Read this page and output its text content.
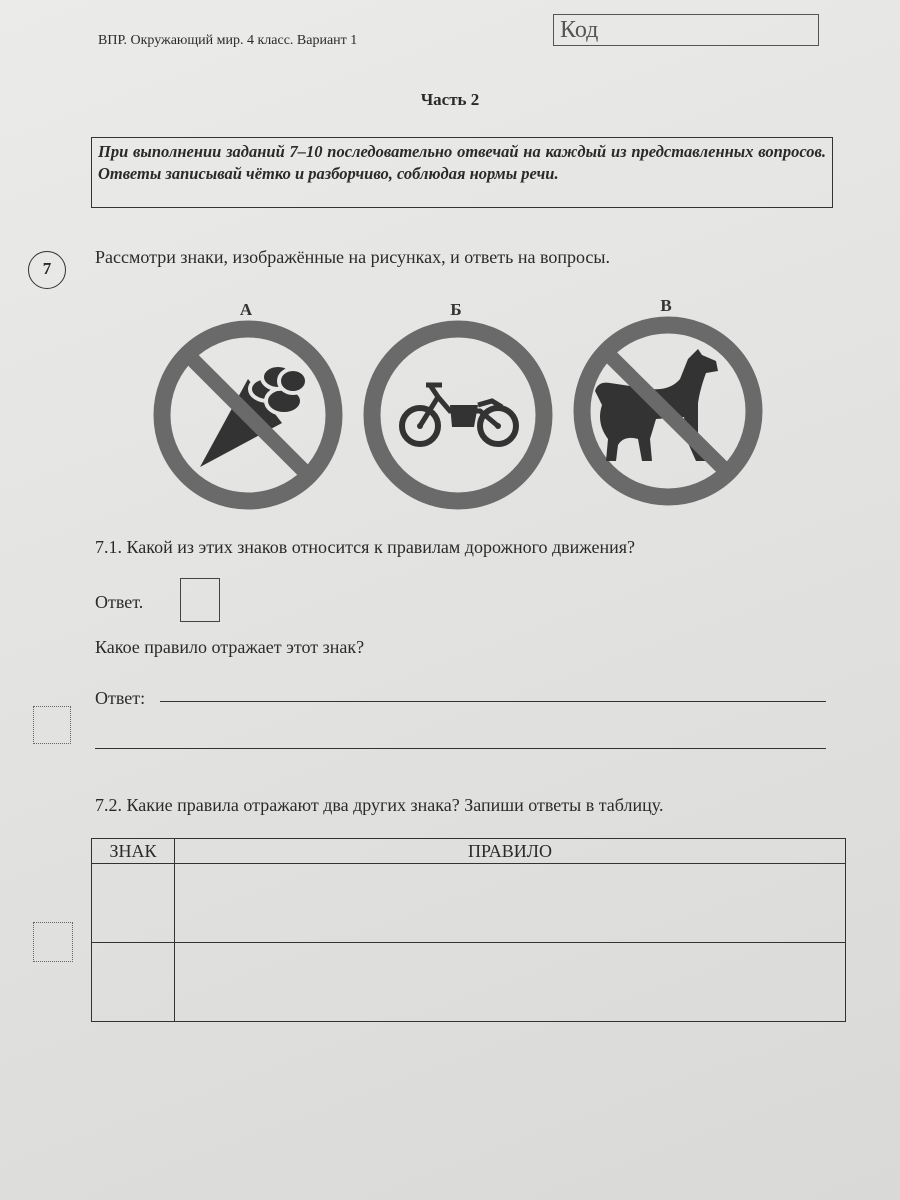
ВПР. Окружающий мир. 4 класс. Вариант 1	Код
Часть 2
При выполнении заданий 7–10 последовательно отвечай на каждый из представленных вопросов. Ответы записывай чётко и разборчиво, соблюдая нормы речи.
7
Рассмотри знаки, изображённые на рисунках, и ответь на вопросы.
А	Б	В
7.1. Какой из этих знаков относится к правилам дорожного движения?
Ответ.
Какое правило отражает этот знак?
Ответ:
7.2. Какие правила отражают два других знака? Запиши ответы в таблицу.
ЗНАК	ПРАВИЛО
